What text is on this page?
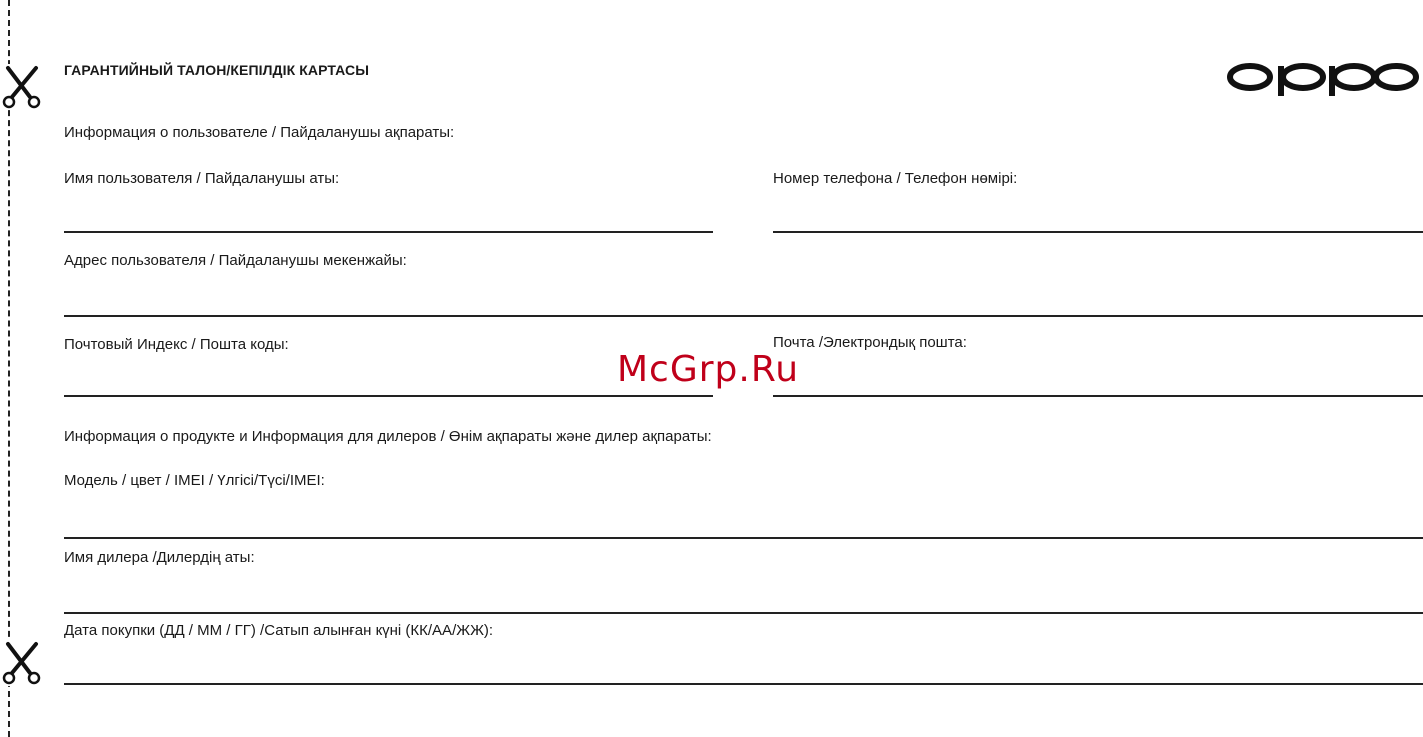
ГАРАНТИЙНЫЙ ТАЛОН/КЕПІЛДІК КАРТАСЫ
Информация о пользователе / Пайдаланушы ақпараты:
Имя пользователя / Пайдаланушы аты:	Номер телефона / Телефон нөмірі:
Адрес пользователя / Пайдаланушы мекенжайы:
Почтовый Индекс / Пошта коды:	Почта /Электрондық пошта:
McGrp.Ru
Информация о продукте и Информация для дилеров / Өнім ақпараты және дилер ақпараты:
Модель / цвет / IMEI / Үлгісі/Түсі/IMEI:
Имя дилера /Дилердің аты:
Дата покупки (ДД / ММ / ГГ) /Сатып алынған күні (КК/АА/ЖЖ):
